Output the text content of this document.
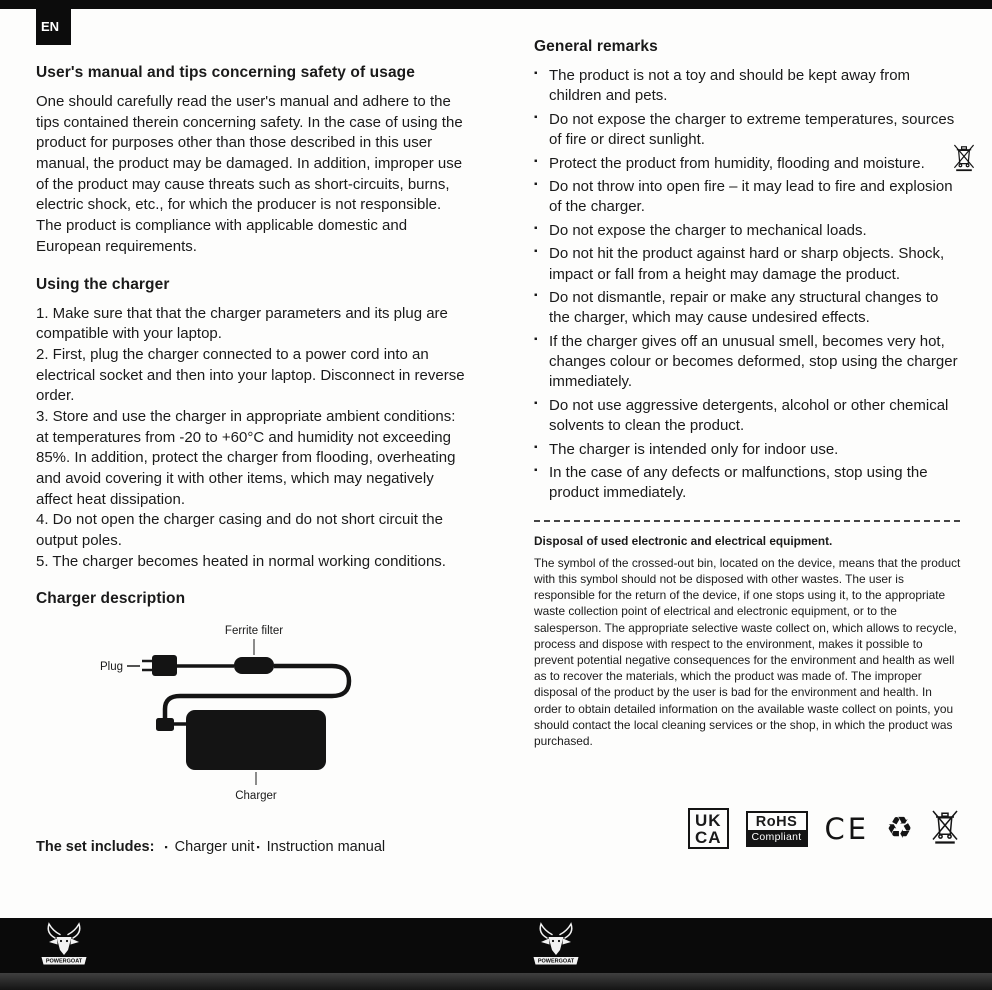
EN
User's manual and tips concerning safety of usage

One should carefully read the user's manual and adhere to the tips contained therein concerning safety. In the case of using the product for purposes other than those described in this user manual, the product may be damaged. In addition, improper use of the product may cause threats such as short-circuits, burns, electric shock, etc., for which the producer is not responsible. The product is compliance with applicable domestic and European requirements.

Using the charger

1. Make sure that that the charger parameters and its plug are compatible with your laptop.

2. First, plug the charger connected to a power cord into an electrical socket and then into your laptop. Disconnect in reverse order.

3. Store and use the charger in appropriate ambient conditions: at temperatures from -20 to +60°C and humidity not exceeding 85%. In addition, protect the charger from flooding, overheating and avoid covering it with other items, which may negatively affect heat dissipation.

4. Do not open the charger casing and do not short circuit the output poles.

5. The charger becomes heated in normal working conditions.

Charger description
Ferrite filter
Plug
Charger
The set includes: ▪ Charger unit ▪ Instruction manual
General remarks
▪ The product is not a toy and should be kept away from children and pets.
▪ Do not expose the charger to extreme temperatures, sources of fire or direct sunlight.
▪ Protect the product from humidity, flooding and moisture.
▪ Do not throw into open fire – it may lead to fire and explosion of the charger.
▪ Do not expose the charger to mechanical loads.
▪ Do not hit the product against hard or sharp objects. Shock, impact or fall from a height may damage the product.
▪ Do not dismantle, repair or make any structural changes to the charger, which may cause undesired effects.
▪ If the charger gives off an unusual smell, becomes very hot, changes colour or becomes deformed, stop using the charger immediately.
▪ Do not use aggressive detergents, alcohol or other chemical solvents to clean the product.
▪ The charger is intended only for indoor use.
▪ In the case of any defects or malfunctions, stop using the product immediately.
Disposal of used electronic and electrical equipment.

The symbol of the crossed-out bin, located on the device, means that the product with this symbol should not be disposed with other wastes. The user is responsible for the return of the device, if one stops using it, to the appropriate waste collection point of electrical and electronic equipment, or to the salesperson. The appropriate selective waste collect on, which allows to recycle, process and dispose with respect to the environment, makes it possible to prevent potential negative consequences for the environment and health as well as to recover the materials, which the product was made of. The improper disposal of the product by the user is bad for the environment and health. In order to obtain detailed information on the available waste collect on points, you should contact the local cleaning services or the shop, in which the product was purchased.

UK
CA
RoHS
Compliant CE ♻
